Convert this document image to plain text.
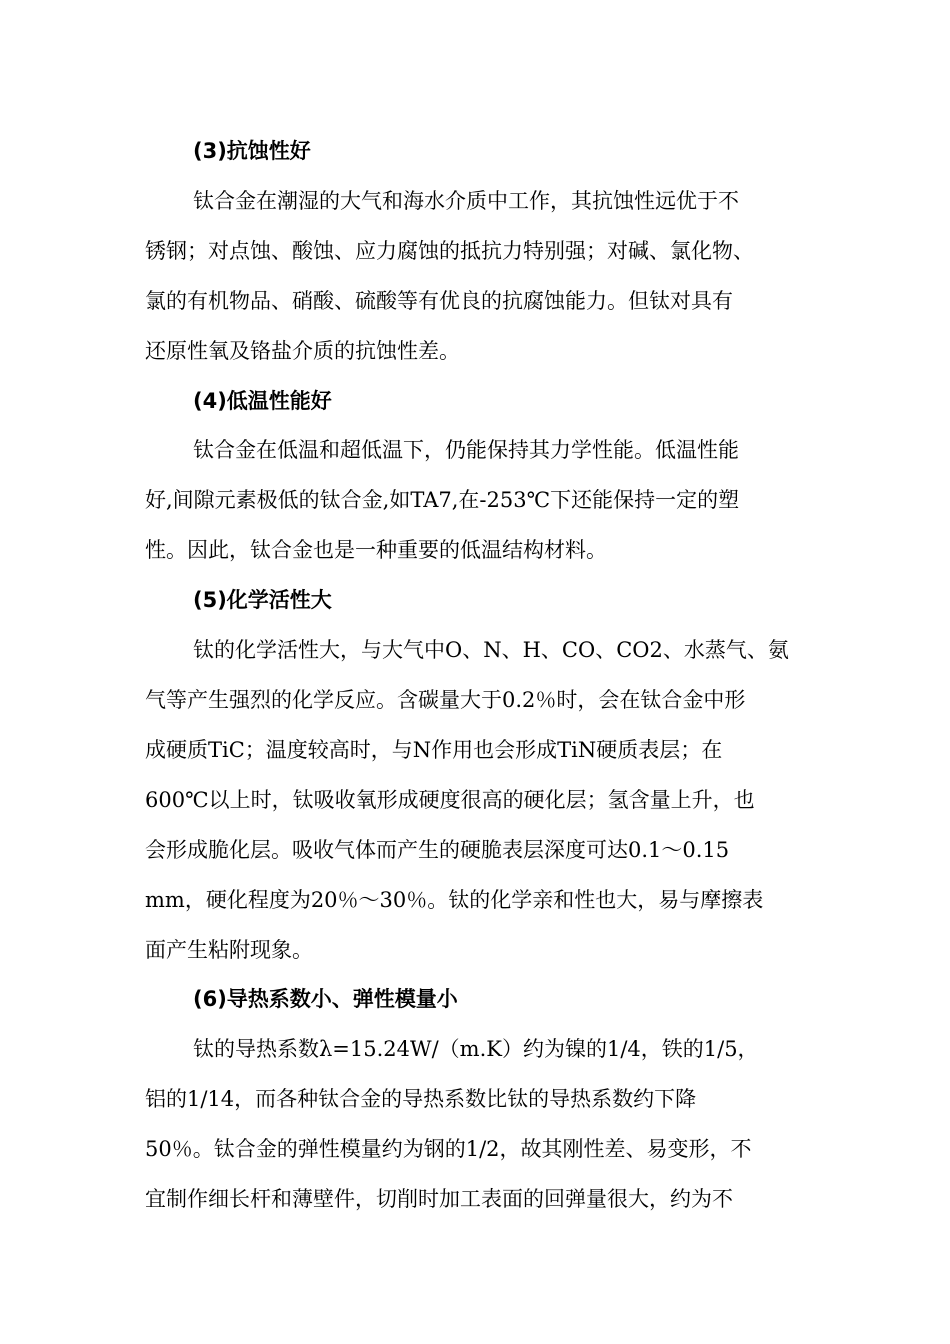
(3)抗蚀性好
钛合金在潮湿的大气和海水介质中工作，其抗蚀性远优于不
锈钢；对点蚀、酸蚀、应力腐蚀的抵抗力特别强；对碱、氯化物、
氯的有机物品、硝酸、硫酸等有优良的抗腐蚀能力。但钛对具有
还原性氧及铬盐介质的抗蚀性差。
(4)低温性能好
钛合金在低温和超低温下，仍能保持其力学性能。低温性能
好,间隙元素极低的钛合金,如TA7,在-253℃下还能保持一定的塑
性。因此，钛合金也是一种重要的低温结构材料。
(5)化学活性大
钛的化学活性大，与大气中O、N、H、CO、CO2、水蒸气、氨
气等产生强烈的化学反应。含碳量大于0.2％时，会在钛合金中形
成硬质TiC；温度较高时，与N作用也会形成TiN硬质表层；在
600℃以上时，钛吸收氧形成硬度很高的硬化层；氢含量上升，也
会形成脆化层。吸收气体而产生的硬脆表层深度可达0.1～0.15
mm，硬化程度为20％～30％。钛的化学亲和性也大，易与摩擦表
面产生粘附现象。
(6)导热系数小、弹性模量小
钛的导热系数λ=15.24W/（m.K）约为镍的1/4，铁的1/5，
铝的1/14，而各种钛合金的导热系数比钛的导热系数约下降
50％。钛合金的弹性模量约为钢的1/2，故其刚性差、易变形，不
宜制作细长杆和薄壁件，切削时加工表面的回弹量很大，约为不
